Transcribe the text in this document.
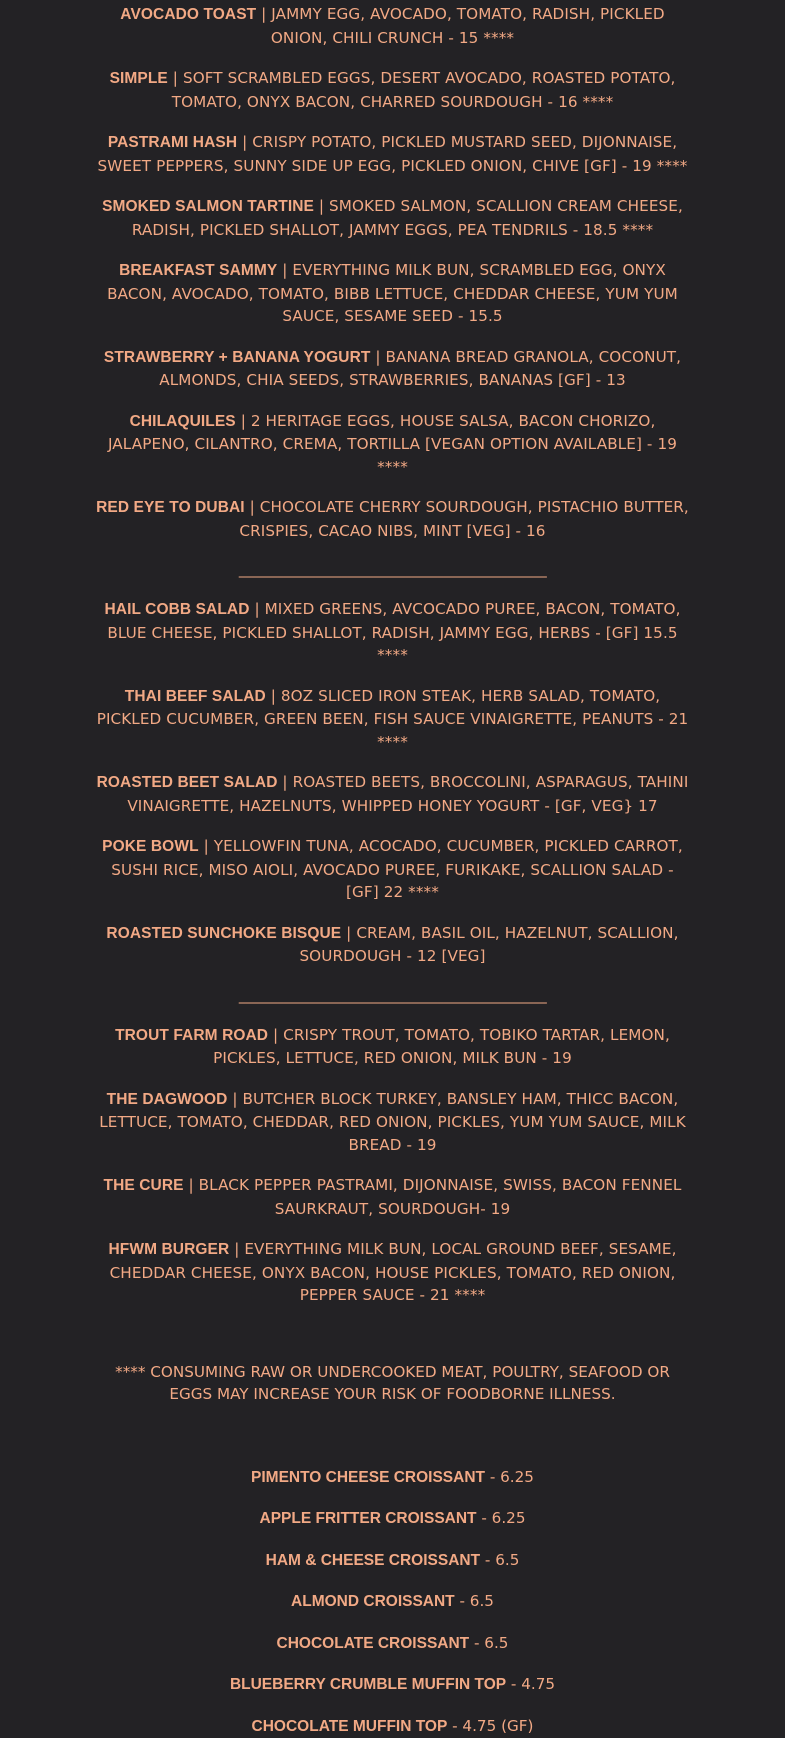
AVOCADO TOAST | JAMMY EGG, AVOCADO, TOMATO, RADISH, PICKLED ONION, CHILI CRUNCH - 15 ****

SIMPLE | SOFT SCRAMBLED EGGS, DESERT AVOCADO, ROASTED POTATO, TOMATO, ONYX BACON, CHARRED SOURDOUGH - 16 ****

PASTRAMI HASH | CRISPY POTATO, PICKLED MUSTARD SEED, DIJONNAISE, SWEET PEPPERS, SUNNY SIDE UP EGG, PICKLED ONION, CHIVE [GF] - 19 ****

SMOKED SALMON TARTINE | SMOKED SALMON, SCALLION CREAM CHEESE, RADISH, PICKLED SHALLOT, JAMMY EGGS, PEA TENDRILS - 18.5 ****

BREAKFAST SAMMY | EVERYTHING MILK BUN, SCRAMBLED EGG, ONYX BACON, AVOCADO, TOMATO, BIBB LETTUCE, CHEDDAR CHEESE, YUM YUM SAUCE, SESAME SEED - 15.5

STRAWBERRY + BANANA YOGURT | BANANA BREAD GRANOLA, COCONUT, ALMONDS, CHIA SEEDS, STRAWBERRIES, BANANAS [GF] - 13

CHILAQUILES | 2 HERITAGE EGGS, HOUSE SALSA, BACON CHORIZO, JALAPENO, CILANTRO, CREMA, TORTILLA [VEGAN OPTION AVAILABLE] - 19 ****

RED EYE TO DUBAI | CHOCOLATE CHERRY SOURDOUGH, PISTACHIO BUTTER, CRISPIES, CACAO NIBS, MINT [VEG] - 16

________________________________________________

HAIL COBB SALAD | MIXED GREENS, AVCOCADO PUREE, BACON, TOMATO, BLUE CHEESE, PICKLED SHALLOT, RADISH, JAMMY EGG, HERBS - [GF] 15.5 ****

THAI BEEF SALAD | 8OZ SLICED IRON STEAK, HERB SALAD, TOMATO, PICKLED CUCUMBER, GREEN BEEN, FISH SAUCE VINAIGRETTE, PEANUTS - 21 ****

ROASTED BEET SALAD | ROASTED BEETS, BROCCOLINI, ASPARAGUS, TAHINI VINAIGRETTE, HAZELNUTS, WHIPPED HONEY YOGURT - [GF, VEG} 17

POKE BOWL | YELLOWFIN TUNA, ACOCADO, CUCUMBER, PICKLED CARROT, SUSHI RICE, MISO AIOLI, AVOCADO PUREE, FURIKAKE, SCALLION SALAD - [GF] 22 ****

ROASTED SUNCHOKE BISQUE | CREAM, BASIL OIL, HAZELNUT, SCALLION, SOURDOUGH - 12 [VEG]

________________________________________________

TROUT FARM ROAD | CRISPY TROUT, TOMATO, TOBIKO TARTAR, LEMON, PICKLES, LETTUCE, RED ONION, MILK BUN - 19

THE DAGWOOD | BUTCHER BLOCK TURKEY, BANSLEY HAM, THICC BACON, LETTUCE, TOMATO, CHEDDAR, RED ONION, PICKLES, YUM YUM SAUCE, MILK BREAD - 19

THE CURE | BLACK PEPPER PASTRAMI, DIJONNAISE, SWISS, BACON FENNEL SAURKRAUT, SOURDOUGH- 19

HFWM BURGER | EVERYTHING MILK BUN, LOCAL GROUND BEEF, SESAME, CHEDDAR CHEESE, ONYX BACON, HOUSE PICKLES, TOMATO, RED ONION, PEPPER SAUCE - 21 ****

**** CONSUMING RAW OR UNDERCOOKED MEAT, POULTRY, SEAFOOD OR EGGS MAY INCREASE YOUR RISK OF FOODBORNE ILLNESS.

PIMENTO CHEESE CROISSANT - 6.25

APPLE FRITTER CROISSANT - 6.25

HAM & CHEESE CROISSANT - 6.5

ALMOND CROISSANT - 6.5

CHOCOLATE CROISSANT - 6.5

BLUEBERRY CRUMBLE MUFFIN TOP - 4.75

CHOCOLATE MUFFIN TOP - 4.75 (GF)
